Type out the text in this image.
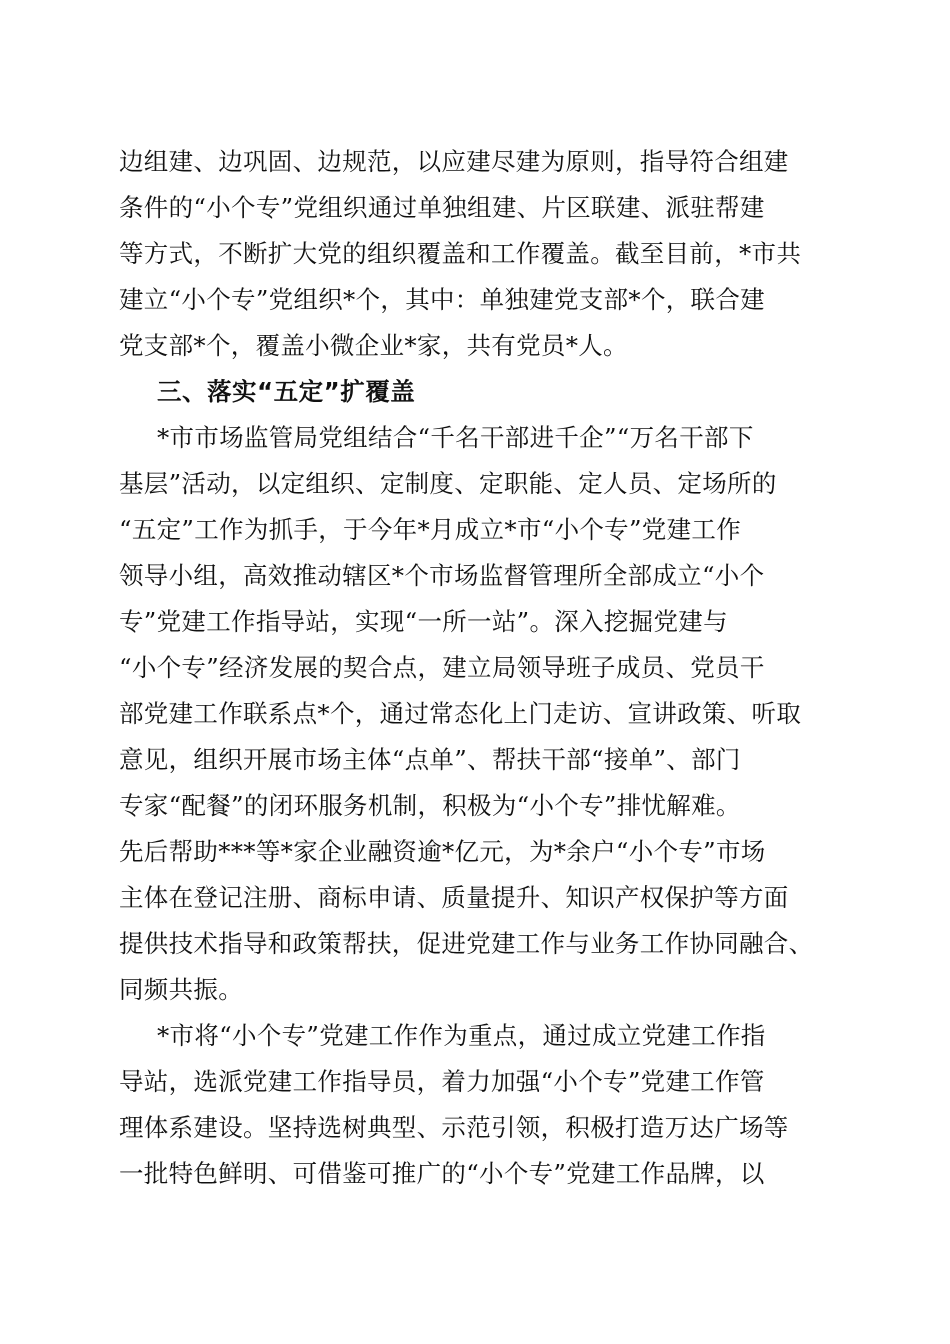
边组建、边巩固、边规范，以应建尽建为原则，指导符合组建
条件的“小个专”党组织通过单独组建、片区联建、派驻帮建
等方式，不断扩大党的组织覆盖和工作覆盖。截至目前，*市共
建立“小个专”党组织*个，其中：单独建党支部*个，联合建
党支部*个，覆盖小微企业*家，共有党员*人。
三、落实“五定”扩覆盖
*市市场监管局党组结合“千名干部进千企”“万名干部下
基层”活动，以定组织、定制度、定职能、定人员、定场所的
“五定”工作为抓手，于今年*月成立*市“小个专”党建工作
领导小组，高效推动辖区*个市场监督管理所全部成立“小个
专”党建工作指导站，实现“一所一站”。深入挖掘党建与
“小个专”经济发展的契合点，建立局领导班子成员、党员干
部党建工作联系点*个，通过常态化上门走访、宣讲政策、听取
意见，组织开展市场主体“点单”、帮扶干部“接单”、部门
专家“配餐”的闭环服务机制，积极为“小个专”排忧解难。
先后帮助***等*家企业融资逾*亿元，为*余户“小个专”市场
主体在登记注册、商标申请、质量提升、知识产权保护等方面
提供技术指导和政策帮扶，促进党建工作与业务工作协同融合、
同频共振。
*市将“小个专”党建工作作为重点，通过成立党建工作指
导站，选派党建工作指导员，着力加强“小个专”党建工作管
理体系建设。坚持选树典型、示范引领，积极打造万达广场等
一批特色鲜明、可借鉴可推广的“小个专”党建工作品牌，以
